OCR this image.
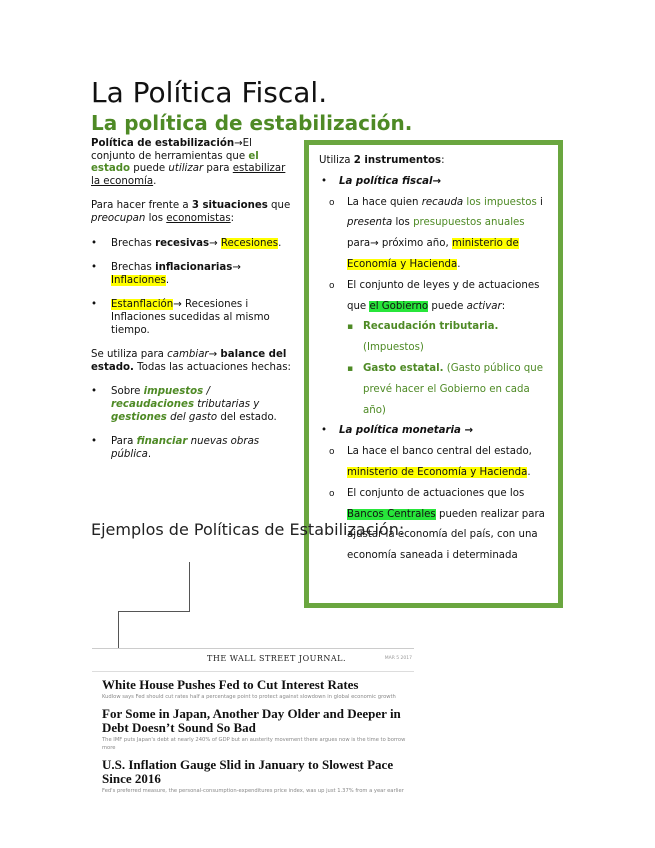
La Política Fiscal.
La política de estabilización.

Política de estabilización→El conjunto de herramientas que el estado puede utilizar para estabilizar la economía.

Para hacer frente a 3 situaciones que preocupan los economistas:

• Brechas recesivas→ Recesiones.
• Brechas inflacionarias→ Inflaciones.
• Estanflación→ Recesiones i Inflaciones sucedidas al mismo tiempo.

Se utiliza para cambiar→ balance del estado. Todas las actuaciones hechas:

• Sobre impuestos / recaudaciones tributarias y gestiones del gasto del estado.
• Para financiar nuevas obras pública.
Utiliza 2 instrumentos:
• La política fiscal→
o La hace quien recauda los impuestos i presenta los presupuestos anuales para→ próximo año, ministerio de Economía y Hacienda.
o El conjunto de leyes y de actuaciones que el Gobierno puede activar:
▪ Recaudación tributaria. (Impuestos)
▪ Gasto estatal. (Gasto público que prevé hacer el Gobierno en cada año)
• La política monetaria →
o La hace el banco central del estado, ministerio de Economía y Hacienda.
o El conjunto de actuaciones que los Bancos Centrales pueden realizar para ajustar la economía del país, con una economía saneada i determinada
Ejemplos de Políticas de Estabilización:
THE WALL STREET JOURNAL.	MAR 5 2017
White House Pushes Fed to Cut Interest Rates
Kudlow says Fed should cut rates half a percentage point to protect against slowdown in global economic growth
For Some in Japan, Another Day Older and Deeper in Debt Doesn’t Sound So Bad
The IMF puts Japan's debt at nearly 240% of GDP but an austerity movement there argues now is the time to borrow more
U.S. Inflation Gauge Slid in January to Slowest Pace Since 2016
Fed's preferred measure, the personal-consumption-expenditures price index, was up just 1.37% from a year earlier
